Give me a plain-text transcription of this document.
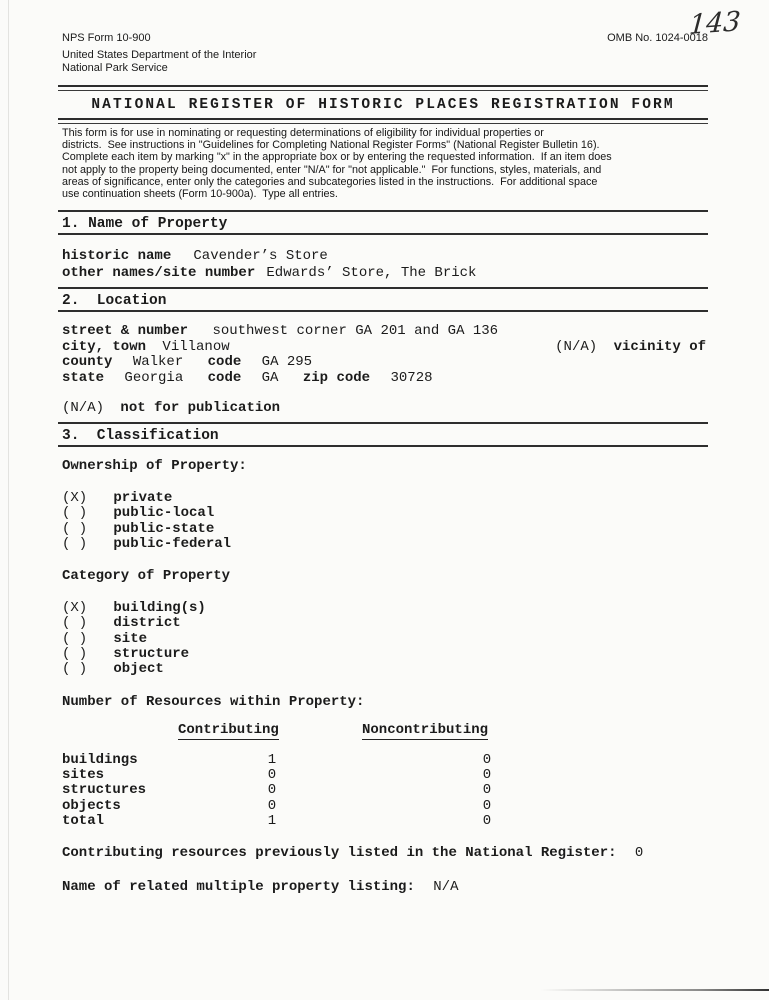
143
NPS Form 10-900	OMB No. 1024-0018
United States Department of the Interior
National Park Service
NATIONAL REGISTER OF HISTORIC PLACES REGISTRATION FORM
This form is for use in nominating or requesting determinations of eligibility for individual properties or
districts.  See instructions in "Guidelines for Completing National Register Forms" (National Register Bulletin 16).
Complete each item by marking "x" in the appropriate box or by entering the requested information.  If an item does
not apply to the property being documented, enter "N/A" for "not applicable."  For functions, styles, materials, and
areas of significance, enter only the categories and subcategories listed in the instructions.  For additional space
use continuation sheets (Form 10-900a).  Type all entries.
1. Name of Property
historic name Cavender’s Store
other names/site number Edwards’ Store, The Brick
2.  Location
street & number southwest corner GA 201 and GA 136
city, town Villanow	(N/A) vicinity of
county Walker code GA 295
state Georgia code GA zip code 30728
(N/A) not for publication
3.  Classification
Ownership of Property:
(X) private
( ) public-local
( ) public-state
( ) public-federal
Category of Property
(X) building(s)
( ) district
( ) site
( ) structure
( ) object
Number of Resources within Property:
Contributing	Noncontributing
buildings	1	0
sites	0	0
structures	0	0
objects	0	0
total	1	0
Contributing resources previously listed in the National Register: 0
Name of related multiple property listing: N/A
